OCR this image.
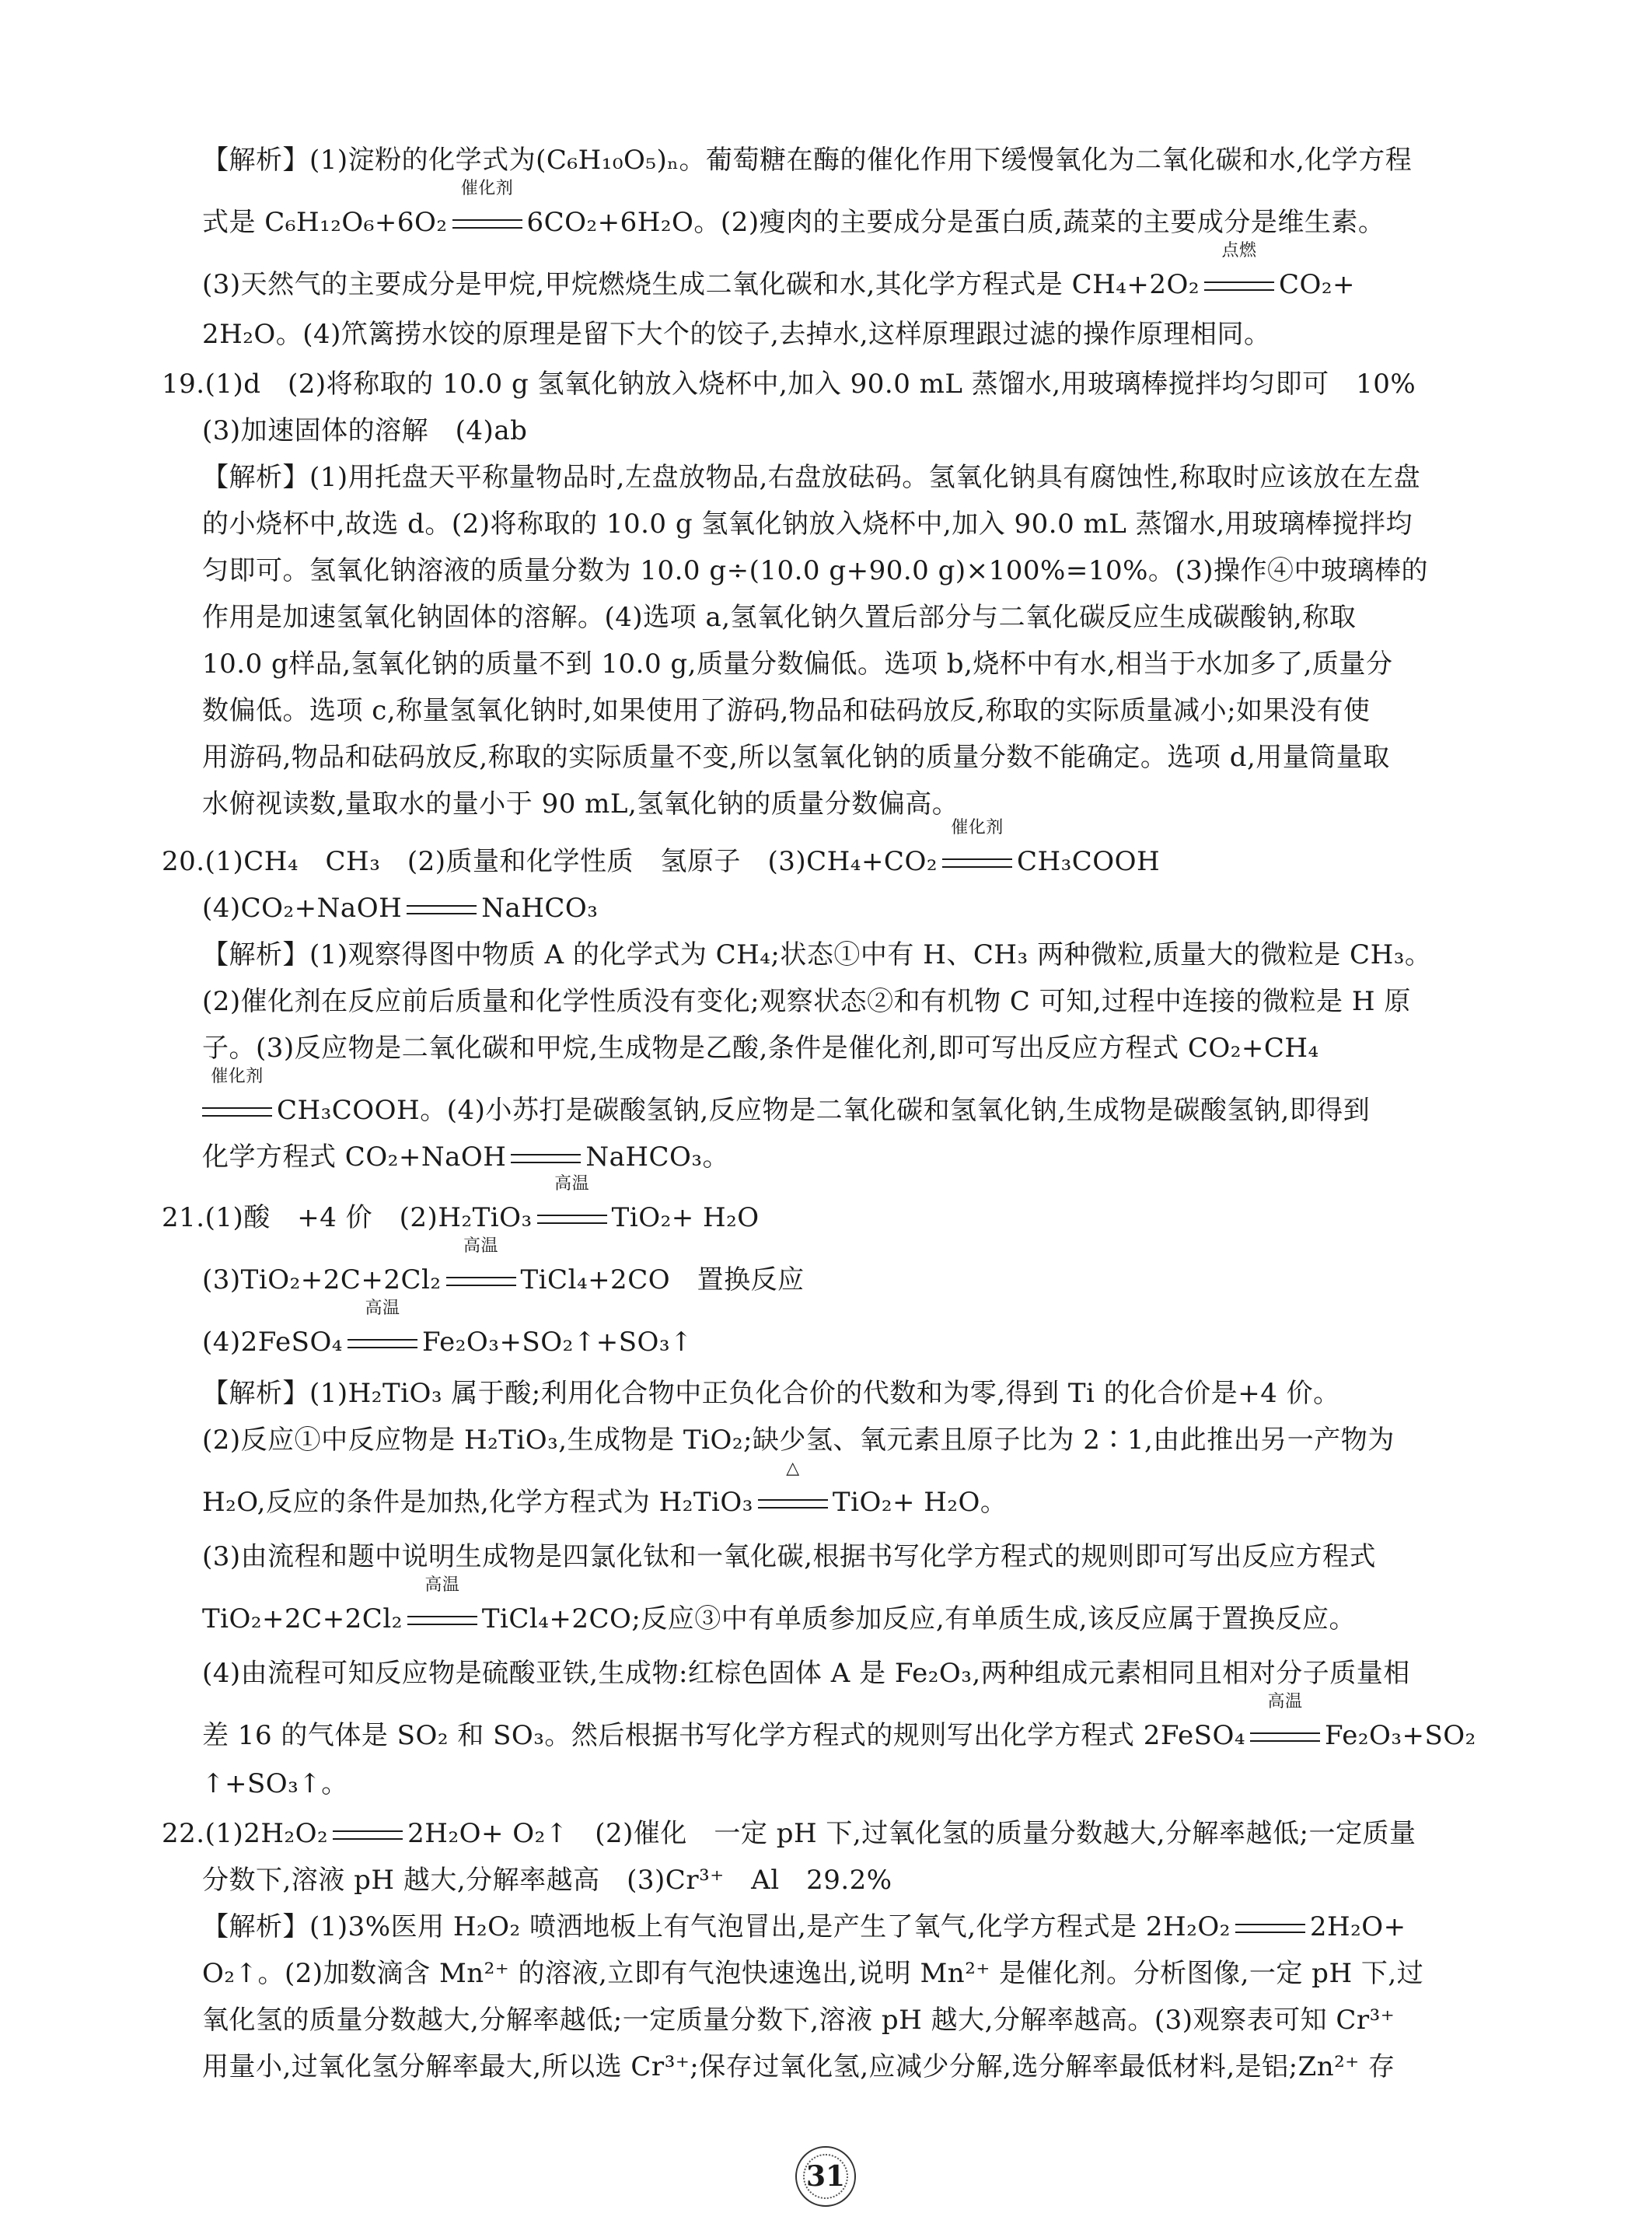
【解析】(1)淀粉的化学式为(C₆H₁₀O₅)ₙ。葡萄糖在酶的催化作用下缓慢氧化为二氧化碳和水,化学方程
式是 C₆H₁₂O₆+6O₂
催化剂
6CO₂+6H₂O。(2)瘦肉的主要成分是蛋白质,蔬菜的主要成分是维生素。
(3)天然气的主要成分是甲烷,甲烷燃烧生成二氧化碳和水,其化学方程式是 CH₄+2O₂
点燃
CO₂+
2H₂O。(4)笊篱捞水饺的原理是留下大个的饺子,去掉水,这样原理跟过滤的操作原理相同。
19.(1)d　(2)将称取的 10.0 g 氢氧化钠放入烧杯中,加入 90.0 mL 蒸馏水,用玻璃棒搅拌均匀即可　10%
(3)加速固体的溶解　(4)ab
【解析】(1)用托盘天平称量物品时,左盘放物品,右盘放砝码。氢氧化钠具有腐蚀性,称取时应该放在左盘
的小烧杯中,故选 d。(2)将称取的 10.0 g 氢氧化钠放入烧杯中,加入 90.0 mL 蒸馏水,用玻璃棒搅拌均
匀即可。氢氧化钠溶液的质量分数为 10.0 g÷(10.0 g+90.0 g)×100%=10%。(3)操作④中玻璃棒的
作用是加速氢氧化钠固体的溶解。(4)选项 a,氢氧化钠久置后部分与二氧化碳反应生成碳酸钠,称取
10.0 g样品,氢氧化钠的质量不到 10.0 g,质量分数偏低。选项 b,烧杯中有水,相当于水加多了,质量分
数偏低。选项 c,称量氢氧化钠时,如果使用了游码,物品和砝码放反,称取的实际质量减小;如果没有使
用游码,物品和砝码放反,称取的实际质量不变,所以氢氧化钠的质量分数不能确定。选项 d,用量筒量取
水俯视读数,量取水的量小于 90 mL,氢氧化钠的质量分数偏高。
20.(1)CH₄　CH₃　(2)质量和化学性质　氢原子　(3)CH₄+CO₂
催化剂
CH₃COOH
(4)CO₂+NaOH	NaHCO₃
【解析】(1)观察得图中物质 A 的化学式为 CH₄;状态①中有 H、CH₃ 两种微粒,质量大的微粒是 CH₃。
(2)催化剂在反应前后质量和化学性质没有变化;观察状态②和有机物 C 可知,过程中连接的微粒是 H 原
子。(3)反应物是二氧化碳和甲烷,生成物是乙酸,条件是催化剂,即可写出反应方程式 CO₂+CH₄
催化剂
CH₃COOH。(4)小苏打是碳酸氢钠,反应物是二氧化碳和氢氧化钠,生成物是碳酸氢钠,即得到
化学方程式 CO₂+NaOH	NaHCO₃。
21.(1)酸　+4 价　(2)H₂TiO₃
高温
TiO₂+ H₂O
(3)TiO₂+2C+2Cl₂
高温
TiCl₄+2CO　置换反应
(4)2FeSO₄
高温
Fe₂O₃+SO₂↑+SO₃↑
【解析】(1)H₂TiO₃ 属于酸;利用化合物中正负化合价的代数和为零,得到 Ti 的化合价是+4 价。
(2)反应①中反应物是 H₂TiO₃,生成物是 TiO₂;缺少氢、氧元素且原子比为 2∶1,由此推出另一产物为
H₂O,反应的条件是加热,化学方程式为 H₂TiO₃
△
TiO₂+ H₂O。
(3)由流程和题中说明生成物是四氯化钛和一氧化碳,根据书写化学方程式的规则即可写出反应方程式
TiO₂+2C+2Cl₂
高温
TiCl₄+2CO;反应③中有单质参加反应,有单质生成,该反应属于置换反应。
(4)由流程可知反应物是硫酸亚铁,生成物:红棕色固体 A 是 Fe₂O₃,两种组成元素相同且相对分子质量相
差 16 的气体是 SO₂ 和 SO₃。然后根据书写化学方程式的规则写出化学方程式 2FeSO₄
高温
Fe₂O₃+SO₂
↑+SO₃↑。
22.(1)2H₂O₂	2H₂O+ O₂↑　(2)催化　一定 pH 下,过氧化氢的质量分数越大,分解率越低;一定质量
分数下,溶液 pH 越大,分解率越高　(3)Cr³⁺　Al　29.2%
【解析】(1)3%医用 H₂O₂ 喷洒地板上有气泡冒出,是产生了氧气,化学方程式是 2H₂O₂	2H₂O+
O₂↑。(2)加数滴含 Mn²⁺ 的溶液,立即有气泡快速逸出,说明 Mn²⁺ 是催化剂。分析图像,一定 pH 下,过
氧化氢的质量分数越大,分解率越低;一定质量分数下,溶液 pH 越大,分解率越高。(3)观察表可知 Cr³⁺
用量小,过氧化氢分解率最大,所以选 Cr³⁺;保存过氧化氢,应减少分解,选分解率最低材料,是铝;Zn²⁺ 存
31
